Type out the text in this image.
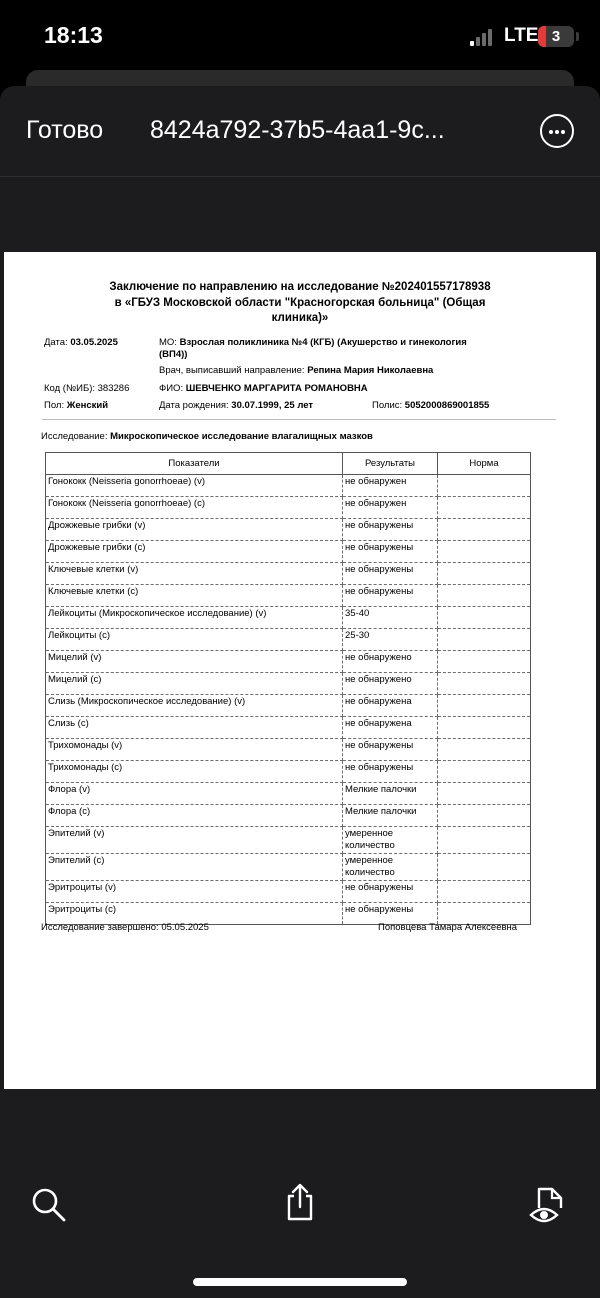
18:13	LTE 3
Готово 8424a792-37b5-4aa1-9c...
Заключение по направлению на исследование №202401557178938
в «ГБУЗ Московской области "Красногорская больница" (Общая
клиника)»
Дата: 03.05.2025	МО: Взрослая поликлиника №4 (КГБ) (Акушерство и гинекология
(ВП4))
Врач, выписавший направление: Репина Мария Николаевна
Код (№ИБ): 383286	ФИО: ШЕВЧЕНКО МАРГАРИТА РОМАНОВНА
Пол: Женский	Дата рождения: 30.07.1999, 25 лет	Полис: 5052000869001855
Исследование: Микроскопическое исследование влагалищных мазков
Показатели	Результаты	Норма
Гонококк (Neisseria gonorrhoeae) (v)	не обнаружен	
Гонококк (Neisseria gonorrhoeae) (c)	не обнаружен	
Дрожжевые грибки (v)	не обнаружены	
Дрожжевые грибки (c)	не обнаружены	
Ключевые клетки (v)	не обнаружены	
Ключевые клетки (c)	не обнаружены	
Лейкоциты (Микроскопическое исследование) (v)	35-40	
Лейкоциты (c)	25-30	
Мицелий (v)	не обнаружено	
Мицелий (c)	не обнаружено	
Слизь (Микроскопическое исследование) (v)	не обнаружена	
Слизь (c)	не обнаружена	
Трихомонады (v)	не обнаружены	
Трихомонады (c)	не обнаружены	
Флора (v)	Мелкие палочки	
Флора (c)	Мелкие палочки	
Эпителий (v)	умеренное количество	
Эпителий (c)	умеренное количество	
Эритроциты (v)	не обнаружены	
Эритроциты (c)	не обнаружены	
Исследование завершено: 05.05.2025	Поповцева Тамара Алексеевна
